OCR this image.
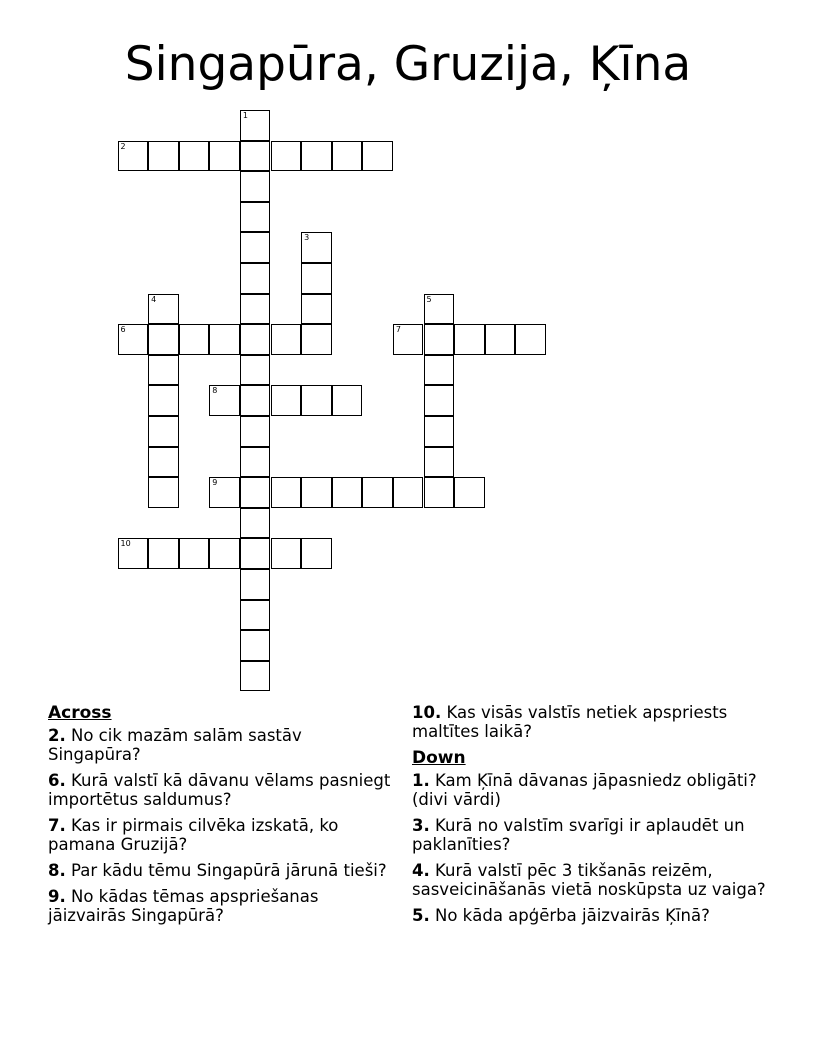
Singapūra, Gruzija, Ķīna
1
2
3
4	5
6	7
8
9
10
Across
2. No cik mazām salām sastāv Singapūra?
6. Kurā valstī kā dāvanu vēlams pasniegt importētus saldumus?
7. Kas ir pirmais cilvēka izskatā, ko pamana Gruzijā?
8. Par kādu tēmu Singapūrā jārunā tieši?
9. No kādas tēmas apspriešanas jāizvairās Singapūrā?
10. Kas visās valstīs netiek apspriests maltītes laikā?
Down
1. Kam Ķīnā dāvanas jāpasniedz obligāti? (divi vārdi)
3. Kurā no valstīm svarīgi ir aplaudēt un paklanīties?
4. Kurā valstī pēc 3 tikšanās reizēm, sasveicināšanās vietā noskūpsta uz vaiga?
5. No kāda apģērba jāizvairās Ķīnā?
